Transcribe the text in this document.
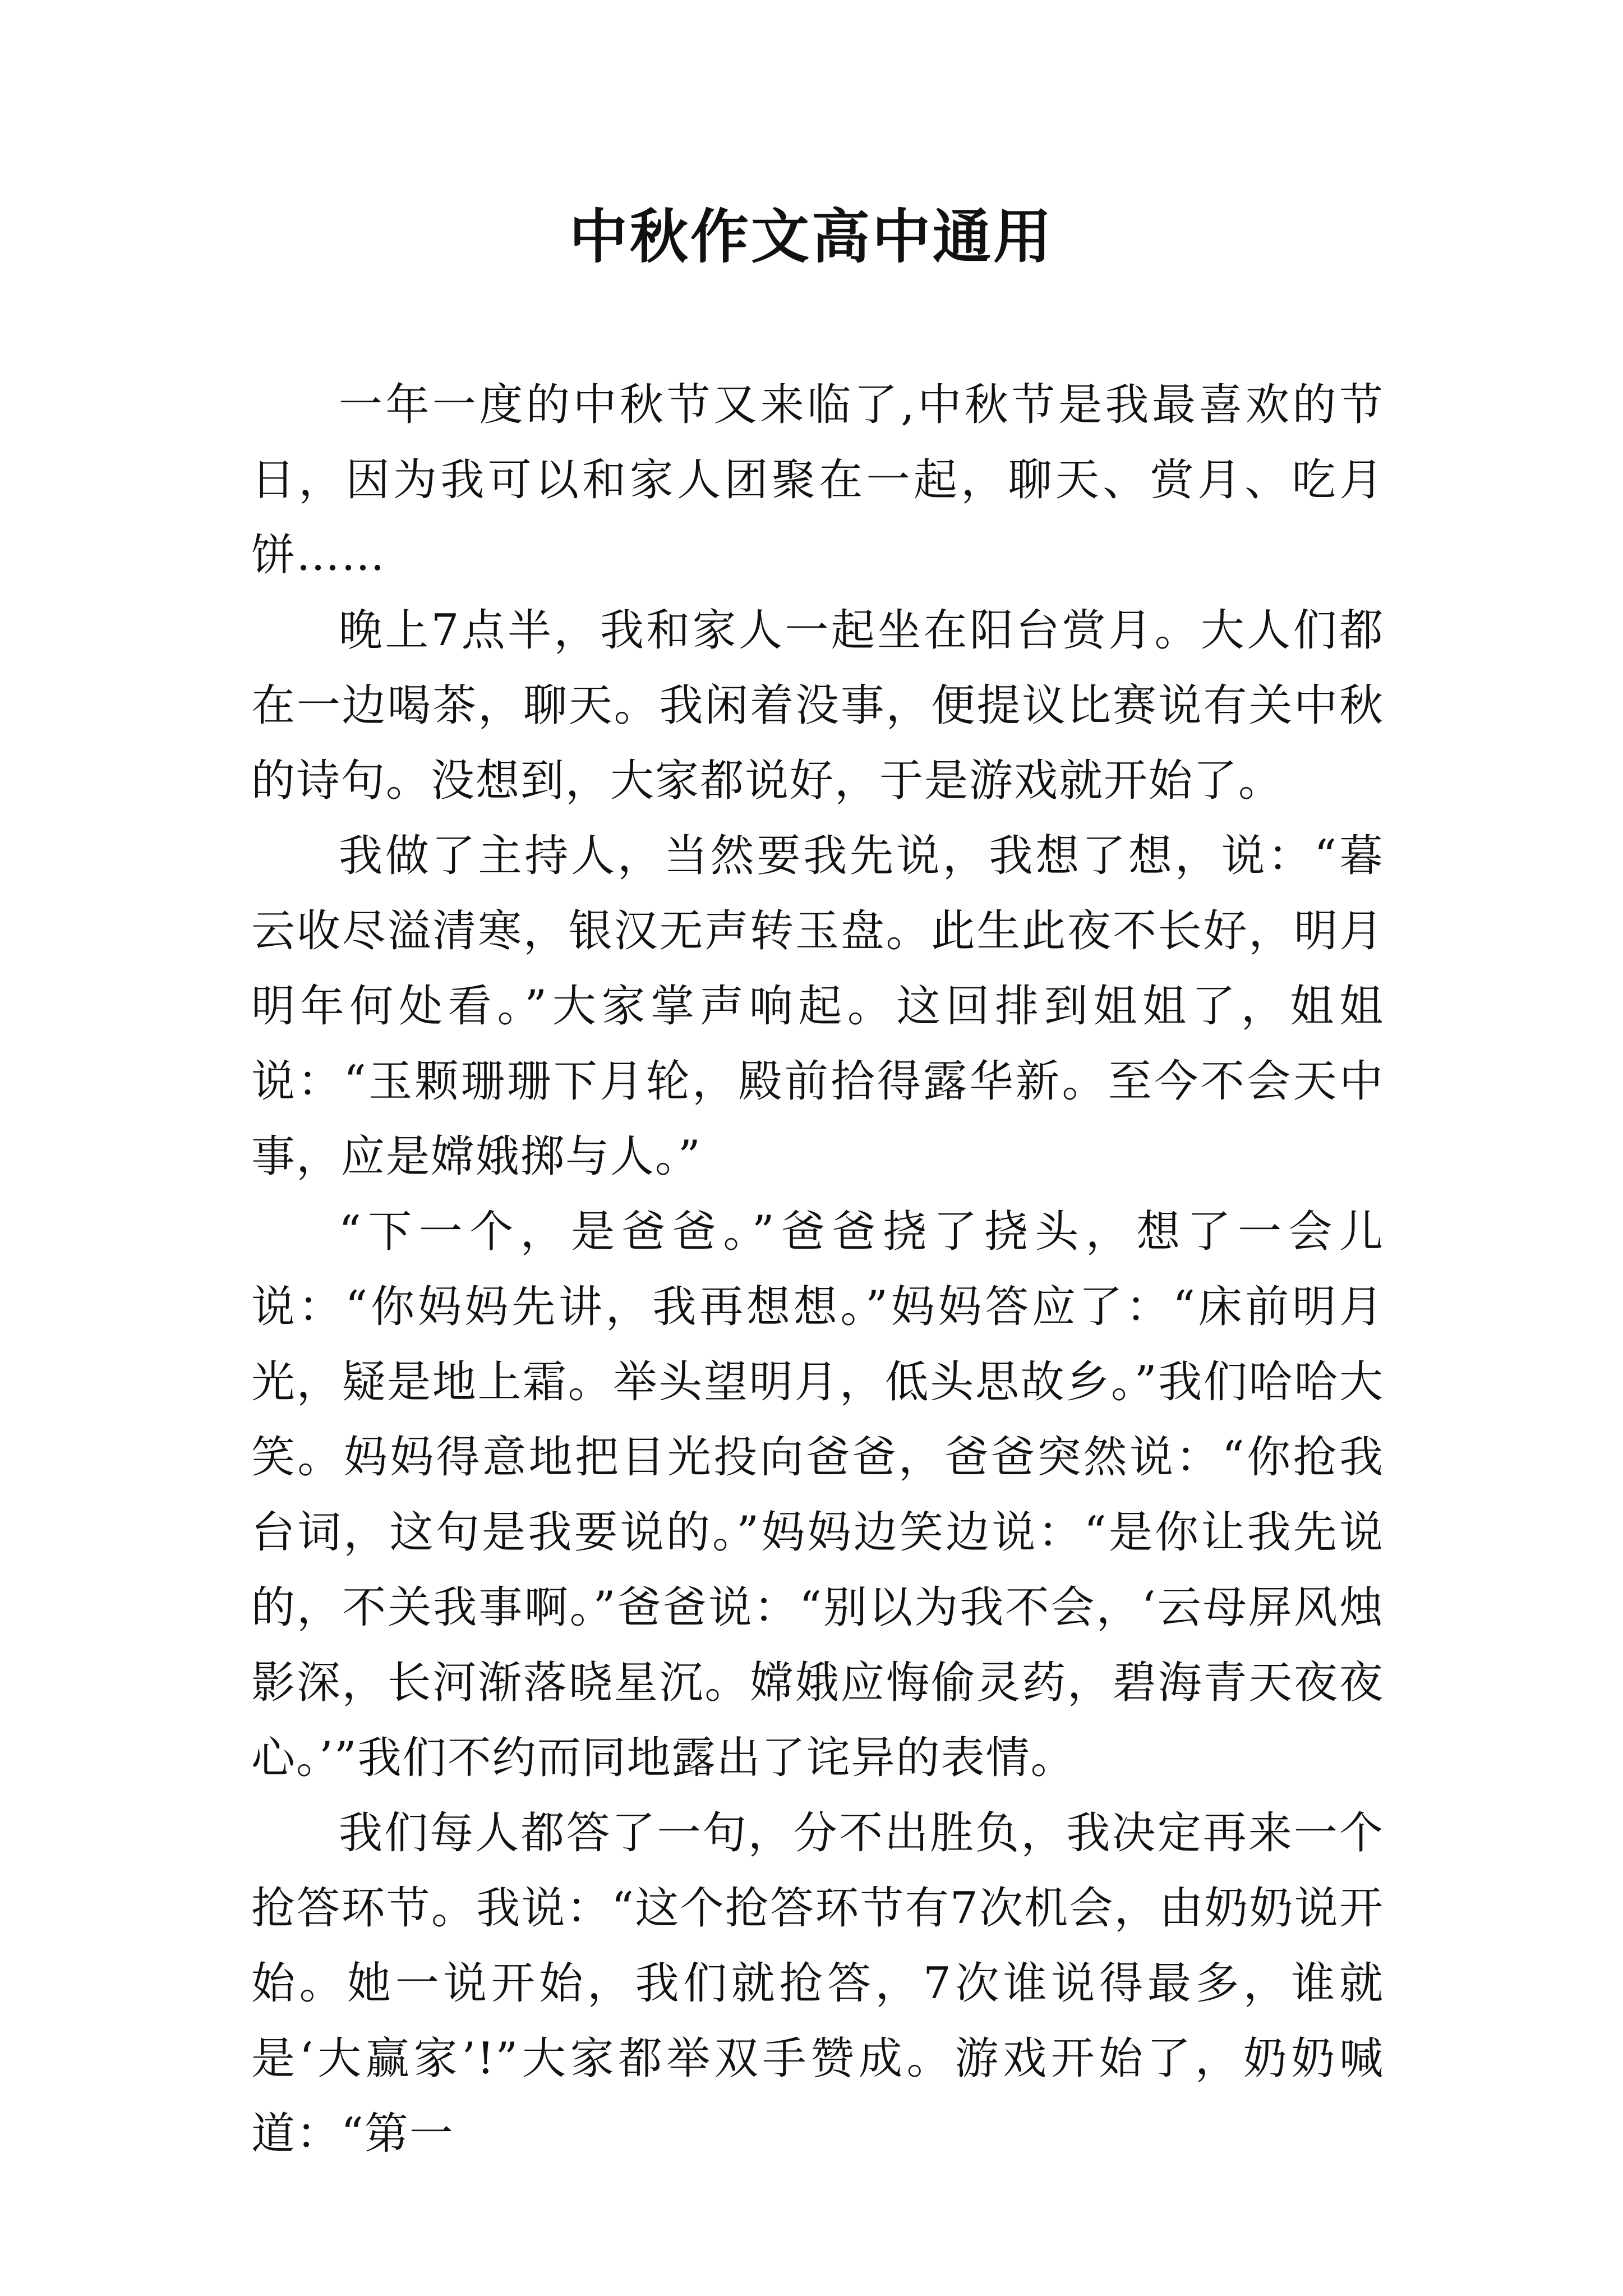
中秋作文高中通用

一年一度的中秋节又来临了,中秋节是我最喜欢的节日，因为我可以和家人团聚在一起，聊天、赏月、吃月饼……

晚上7点半，我和家人一起坐在阳台赏月。大人们都在一边喝茶，聊天。我闲着没事，便提议比赛说有关中秋的诗句。没想到，大家都说好，于是游戏就开始了。

我做了主持人，当然要我先说，我想了想，说：“暮云收尽溢清寒，银汉无声转玉盘。此生此夜不长好，明月明年何处看。”大家掌声响起。这回排到姐姐了，姐姐说：“玉颗珊珊下月轮，殿前拾得露华新。至今不会天中事，应是嫦娥掷与人。”

“下一个，是爸爸。”爸爸挠了挠头，想了一会儿说：“你妈妈先讲，我再想想。”妈妈答应了：“床前明月光，疑是地上霜。举头望明月，低头思故乡。”我们哈哈大笑。妈妈得意地把目光投向爸爸，爸爸突然说：“你抢我台词，这句是我要说的。”妈妈边笑边说：“是你让我先说的，不关我事啊。”爸爸说：“别以为我不会，‘云母屏风烛影深，长河渐落晓星沉。嫦娥应悔偷灵药，碧海青天夜夜心。’”我们不约而同地露出了诧异的表情。

我们每人都答了一句，分不出胜负，我决定再来一个抢答环节。我说：“这个抢答环节有7次机会，由奶奶说开始。她一说开始，我们就抢答，7次谁说得最多，谁就是‘大赢家’!”大家都举双手赞成。游戏开始了，奶奶喊道：“第一
